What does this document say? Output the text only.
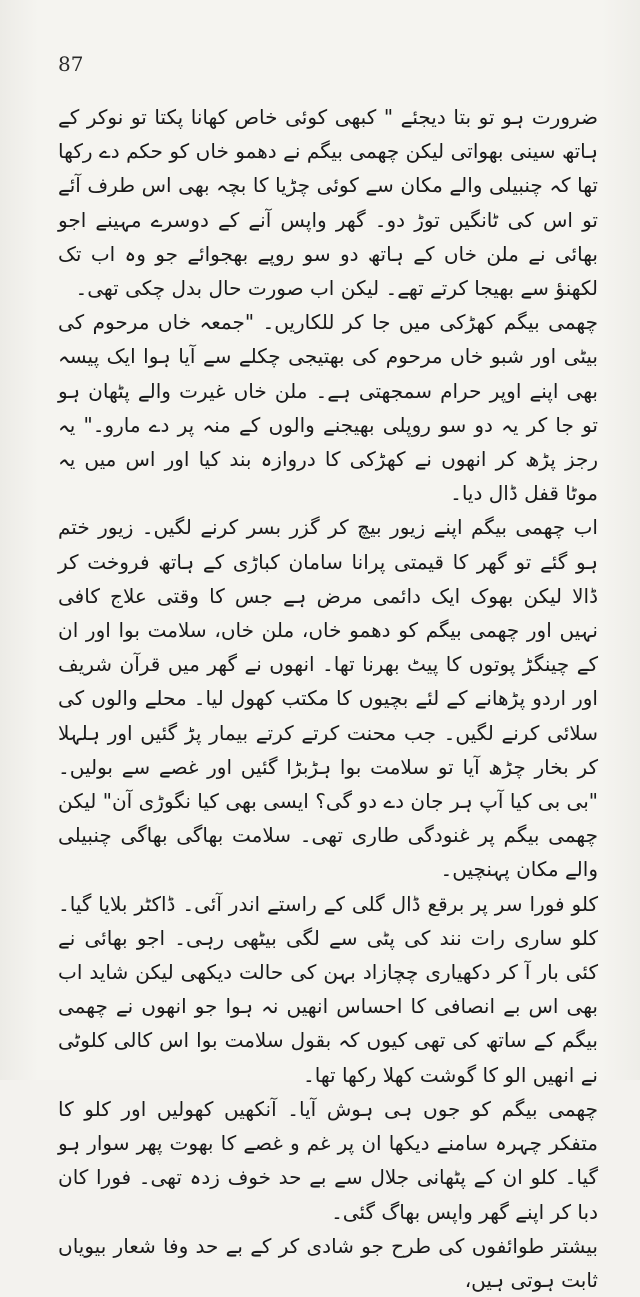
87

ضرورت ہو تو بتا دیجئے " کبھی کوئی خاص کھانا پکتا تو نوکر کے ہاتھ سینی بھواتی لیکن چھمی بیگم نے دھمو خاں کو حکم دے رکھا تھا کہ چنبیلی والے مکان سے کوئی چڑیا کا بچہ بھی اس طرف آئے تو اس کی ٹانگیں توڑ دو۔ گھر واپس آنے کے دوسرے مہینے اجو بھائی نے ملن خاں کے ہاتھ دو سو روپے بھجوائے جو وہ اب تک لکھنؤ سے بھیجا کرتے تھے۔ لیکن اب صورت حال بدل چکی تھی۔

چھمی بیگم کھڑکی میں جا کر للکاریں۔ "جمعہ خاں مرحوم کی بیٹی اور شبو خاں مرحوم کی بھتیجی چکلے سے آیا ہوا ایک پیسہ بھی اپنے اوپر حرام سمجھتی ہے۔ ملن خاں غیرت والے پٹھان ہو تو جا کر یہ دو سو روپلی بھیجنے والوں کے منہ پر دے مارو۔" یہ رجز پڑھ کر انھوں نے کھڑکی کا دروازہ بند کیا اور اس میں یہ موٹا قفل ڈال دیا۔

اب چھمی بیگم اپنے زیور بیچ کر گزر بسر کرنے لگیں۔ زیور ختم ہو گئے تو گھر کا قیمتی پرانا سامان کباڑی کے ہاتھ فروخت کر ڈالا لیکن بھوک ایک دائمی مرض ہے جس کا وقتی علاج کافی نہیں اور چھمی بیگم کو دھمو خاں، ملن خاں، سلامت بوا اور ان کے چینگڑ پوتوں کا پیٹ بھرنا تھا۔ انھوں نے گھر میں قرآن شریف اور اردو پڑھانے کے لئے بچیوں کا مکتب کھول لیا۔ محلے والوں کی سلائی کرنے لگیں۔ جب محنت کرتے کرتے بیمار پڑ گئیں اور ہلہلا کر بخار چڑھ آیا تو سلامت بوا ہڑبڑا گئیں اور غصے سے بولیں۔ "بی بی کیا آپ ہر جان دے دو گی؟ ایسی بھی کیا نگوڑی آن" لیکن چھمی بیگم پر غنودگی طاری تھی۔ سلامت بھاگی بھاگی چنبیلی والے مکان پہنچیں۔

کلو فورا سر پر برقع ڈال گلی کے راستے اندر آئی۔ ڈاکٹر بلایا گیا۔ کلو ساری رات نند کی پٹی سے لگی بیٹھی رہی۔ اجو بھائی نے کئی بار آ کر دکھیاری چچازاد بہن کی حالت دیکھی لیکن شاید اب بھی اس بے انصافی کا احساس انھیں نہ ہوا جو انھوں نے چھمی بیگم کے ساتھ کی تھی کیوں کہ بقول سلامت بوا اس کالی کلوٹی نے انھیں الو کا گوشت کھلا رکھا تھا۔

چھمی بیگم کو جوں ہی ہوش آیا۔ آنکھیں کھولیں اور کلو کا متفکر چہرہ سامنے دیکھا ان پر غم و غصے کا بھوت پھر سوار ہو گیا۔ کلو ان کے پٹھانی جلال سے بے حد خوف زدہ تھی۔ فورا کان دبا کر اپنے گھر واپس بھاگ گئی۔

بیشتر طوائفوں کی طرح جو شادی کر کے بے حد وفا شعار بیویاں ثابت ہوتی ہیں،
